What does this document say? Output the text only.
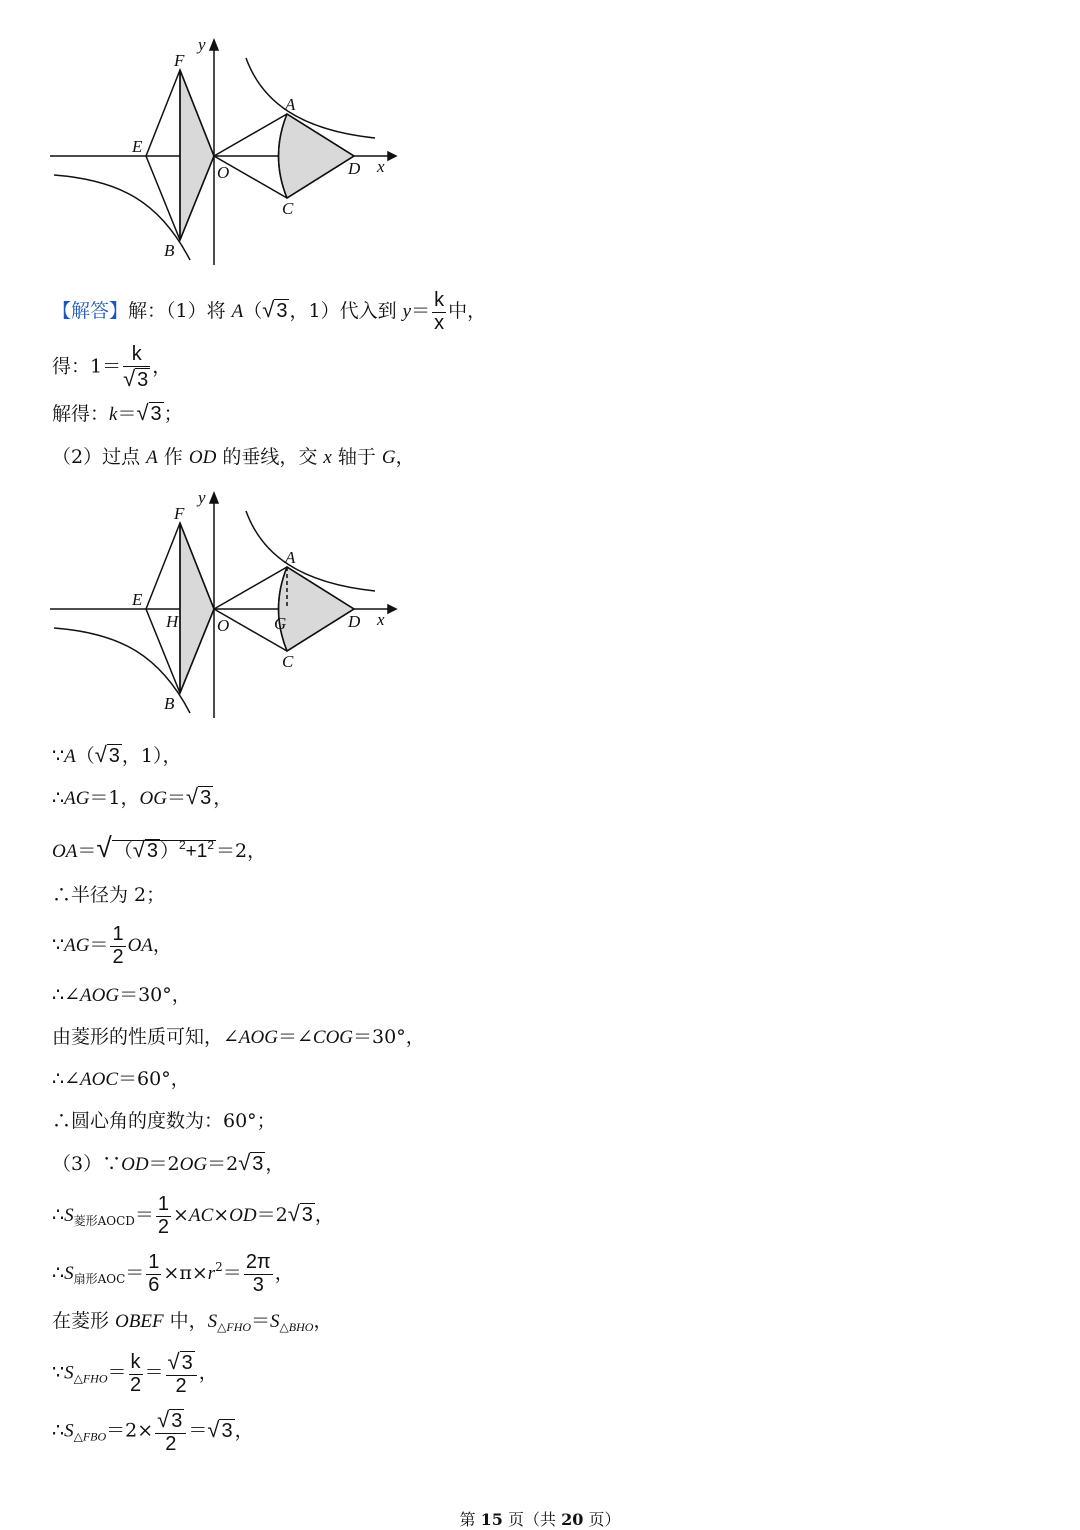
F
E
B
O
A
C
D x
y
【解答】解：（1）将 A（√ 3 ，1）代入到 $y= \frac{k}{x}$ 中，
得：$1= \frac{k}{√ 3}$ ，
解得：k＝√ 3 ；
（2）过点 A 作 OD 的垂线，交 x 轴于 G，
F
E
H
B
O	G
A
C
D x
y
∵A（√ 3 ，1），
∴AG＝1，OG＝√ 3 ，
OA＝√ （√ 3 ）$^2+1^2 =2$，
∴半径为 2；
∵AG＝ $\frac{1}{2}$ OA，
∴∠AOG＝30°，
由菱形的性质可知，∠AOG＝∠COG＝30°，
∴∠AOC＝60°，
∴圆心角的度数为：60°；
（3）∵OD＝2OG＝2√ 3 ，
$\therefore S_{菱形AOCD}= \frac{1}{2} \times AC\times OD=2√$ 3 ，
$\therefore S_{扇形AOC}= \frac{1}{6} \times\pi\times r^2= \frac{2\pi}{3}$ ，
在菱形 OBEF 中，$S_{\triangle FHO}=S_{\triangle BHO}$，
$\because S_{\triangle FHO}= \frac{k}{2} = \frac{√ 3}{2}$ ，
$\therefore S_{\triangle FBO}=2\times \frac{√ 3}{2}$ ＝√ 3 ，
第 15 页（共 20 页）
